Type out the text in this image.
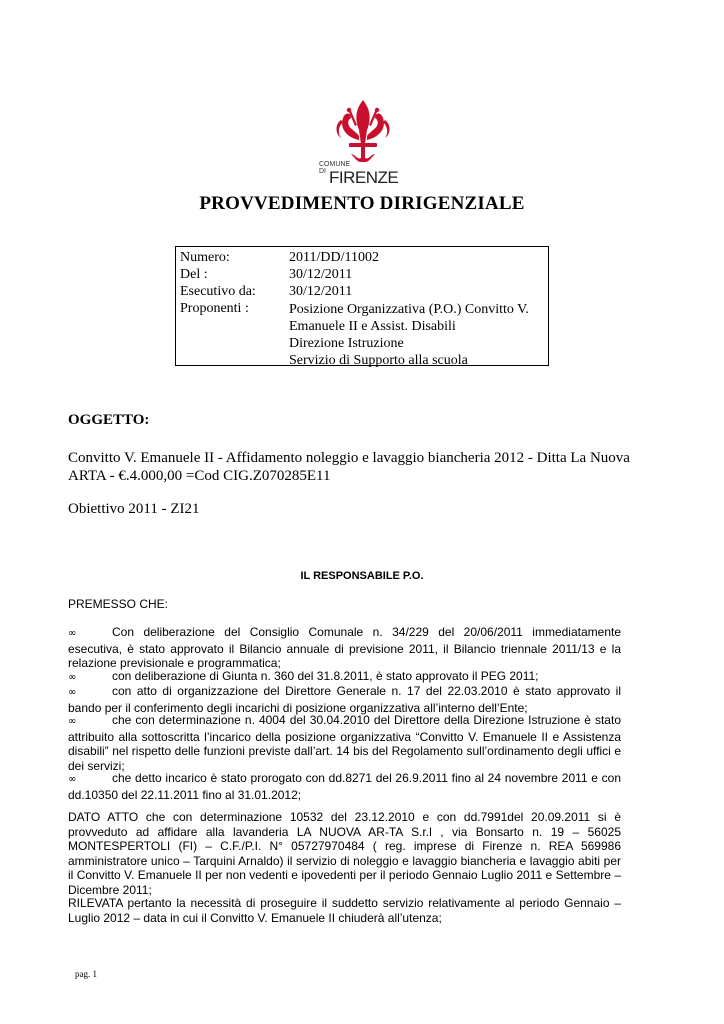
COMUNE
DI FIRENZE
PROVVEDIMENTO DIRIGENZIALE
Numero:	2011/DD/11002
Del :	30/12/2011
Esecutivo da:	30/12/2011
Proponenti :	Posizione Organizzativa (P.O.) Convitto V.
Emanuele II e Assist. Disabili
Direzione Istruzione
Servizio di Supporto alla scuola
OGGETTO:
Convitto V. Emanuele II - Affidamento noleggio e lavaggio biancheria 2012 - Ditta La Nuova
ARTA - €.4.000,00 =Cod CIG.Z070285E11
Obiettivo 2011 - ZI21
IL RESPONSABILE P.O.
PREMESSO CHE:
∞	Con deliberazione del Consiglio Comunale n. 34/229 del 20/06/2011 immediatamente esecutiva, è stato approvato il Bilancio annuale di previsione 2011, il Bilancio triennale 2011/13 e la relazione previsionale e programmatica;
∞	con deliberazione di Giunta n. 360 del 31.8.2011, è stato approvato il PEG 2011;
∞	con atto di organizzazione del Direttore Generale n. 17 del 22.03.2010 è stato approvato il bando per il conferimento degli incarichi di posizione organizzativa all’interno dell’Ente;
∞	che con determinazione n. 4004 del 30.04.2010 del Direttore della Direzione Istruzione è stato attribuito alla sottoscritta l’incarico della posizione organizzativa “Convitto V. Emanuele II e Assistenza disabili” nel rispetto delle funzioni previste dall’art. 14 bis del Regolamento sull’ordinamento degli uffici e dei servizi;
∞	che detto incarico è stato prorogato con dd.8271 del 26.9.2011 fino al 24 novembre 2011 e con dd.10350 del 22.11.2011 fino al 31.01.2012;
DATO ATTO che con determinazione 10532 del 23.12.2010 e con dd.7991del 20.09.2011 si è provveduto ad affidare alla lavanderia LA NUOVA AR-TA S.r.l , via Bonsarto n. 19 – 56025 MONTESPERTOLI (FI) – C.F./P.I. N° 05727970484 ( reg. imprese di Firenze n. REA 569986 amministratore unico – Tarquini Arnaldo) il servizio di noleggio e lavaggio biancheria e lavaggio abiti per il Convitto V. Emanuele II per non vedenti e ipovedenti per il periodo Gennaio Luglio 2011 e Settembre –Dicembre 2011;
RILEVATA pertanto la necessità di proseguire il suddetto servizio relativamente al periodo Gennaio – Luglio 2012 – data in cui il Convitto V. Emanuele II chiuderà all’utenza;
pag. 1
